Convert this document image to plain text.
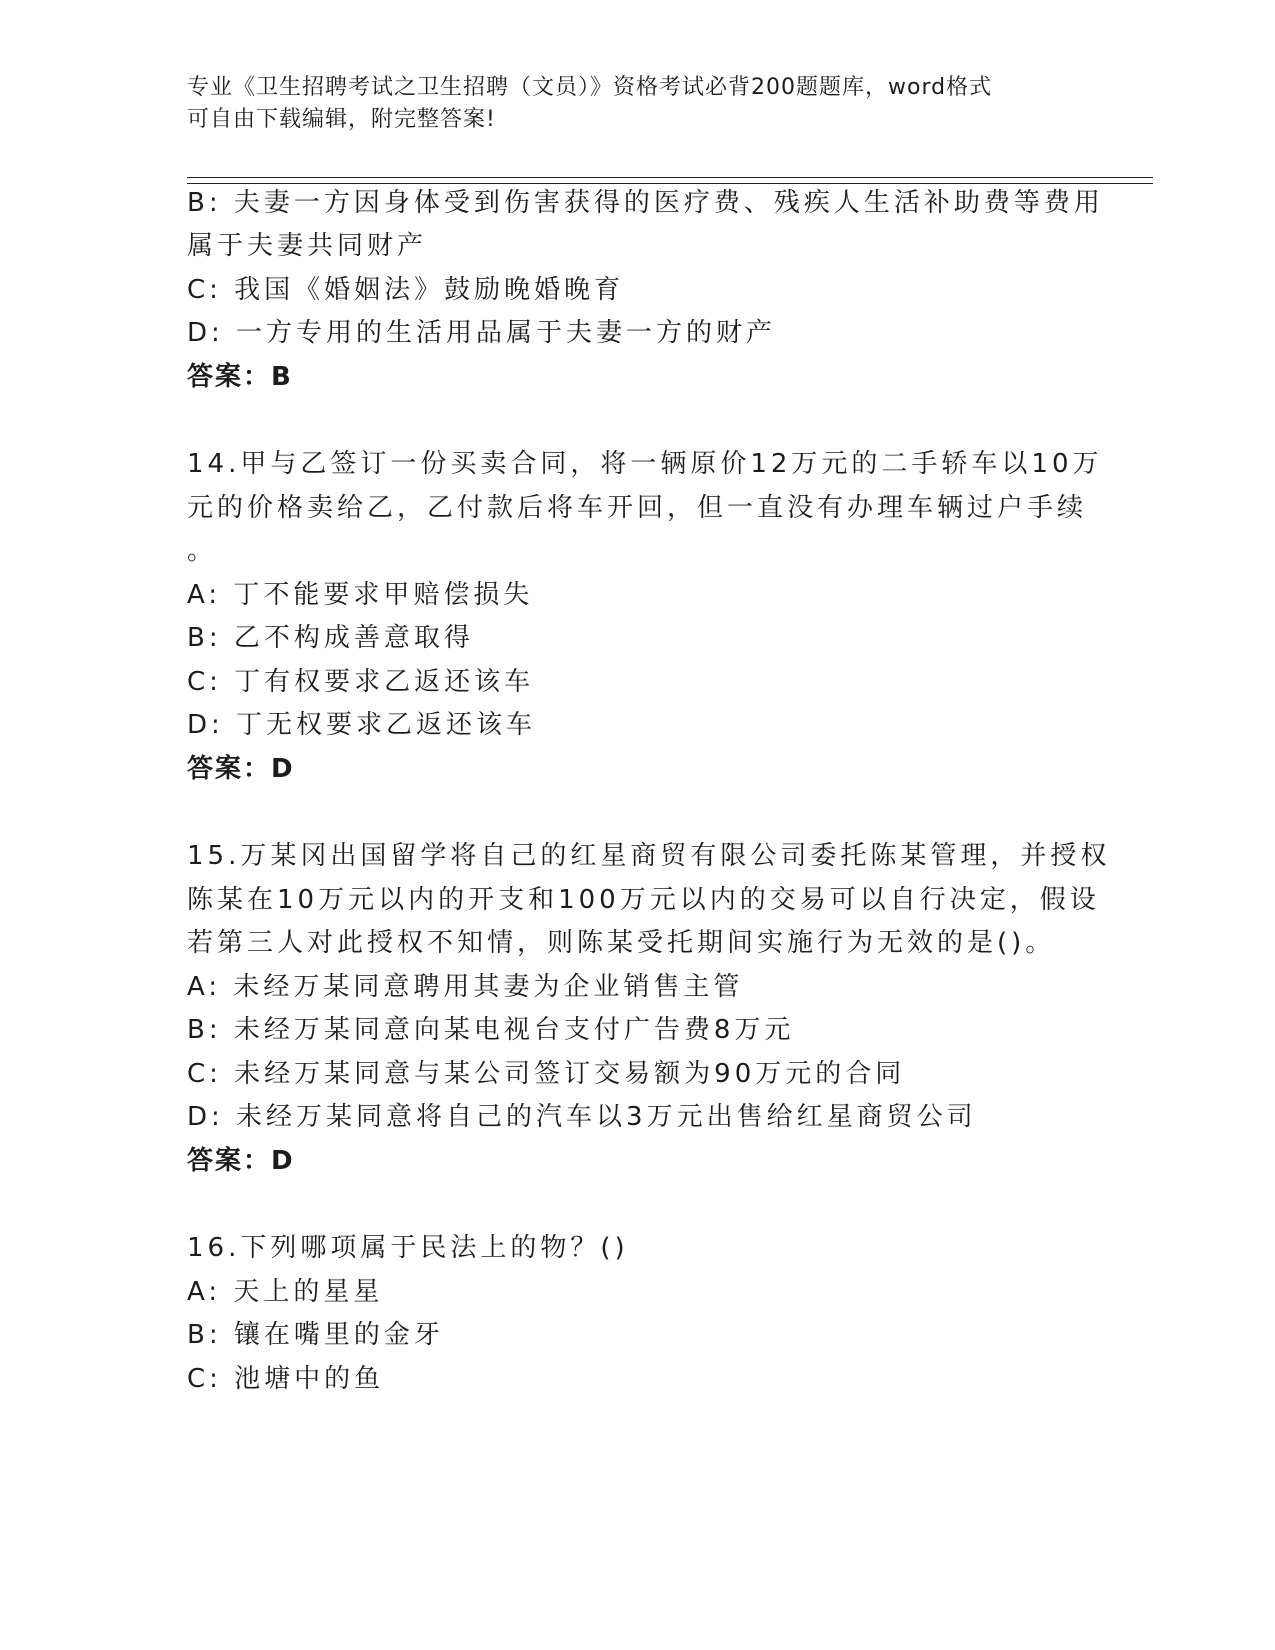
专业《卫生招聘考试之卫生招聘（文员）》资格考试必背200题题库，word格式
可自由下载编辑，附完整答案!
B: 夫妻一方因身体受到伤害获得的医疗费、残疾人生活补助费等费用
属于夫妻共同财产
C: 我国《婚姻法》鼓励晚婚晚育
D: 一方专用的生活用品属于夫妻一方的财产
答案：B
14.甲与乙签订一份买卖合同，将一辆原价12万元的二手轿车以10万
元的价格卖给乙，乙付款后将车开回，但一直没有办理车辆过户手续
。
A: 丁不能要求甲赔偿损失
B: 乙不构成善意取得
C: 丁有权要求乙返还该车
D: 丁无权要求乙返还该车
答案：D
15.万某冈出国留学将自己的红星商贸有限公司委托陈某管理，并授权
陈某在10万元以内的开支和100万元以内的交易可以自行决定，假设
若第三人对此授权不知情，则陈某受托期间实施行为无效的是()。
A: 未经万某同意聘用其妻为企业销售主管
B: 未经万某同意向某电视台支付广告费8万元
C: 未经万某同意与某公司签订交易额为90万元的合同
D: 未经万某同意将自己的汽车以3万元出售给红星商贸公司
答案：D
16.下列哪项属于民法上的物？()
A: 天上的星星
B: 镶在嘴里的金牙
C: 池塘中的鱼
